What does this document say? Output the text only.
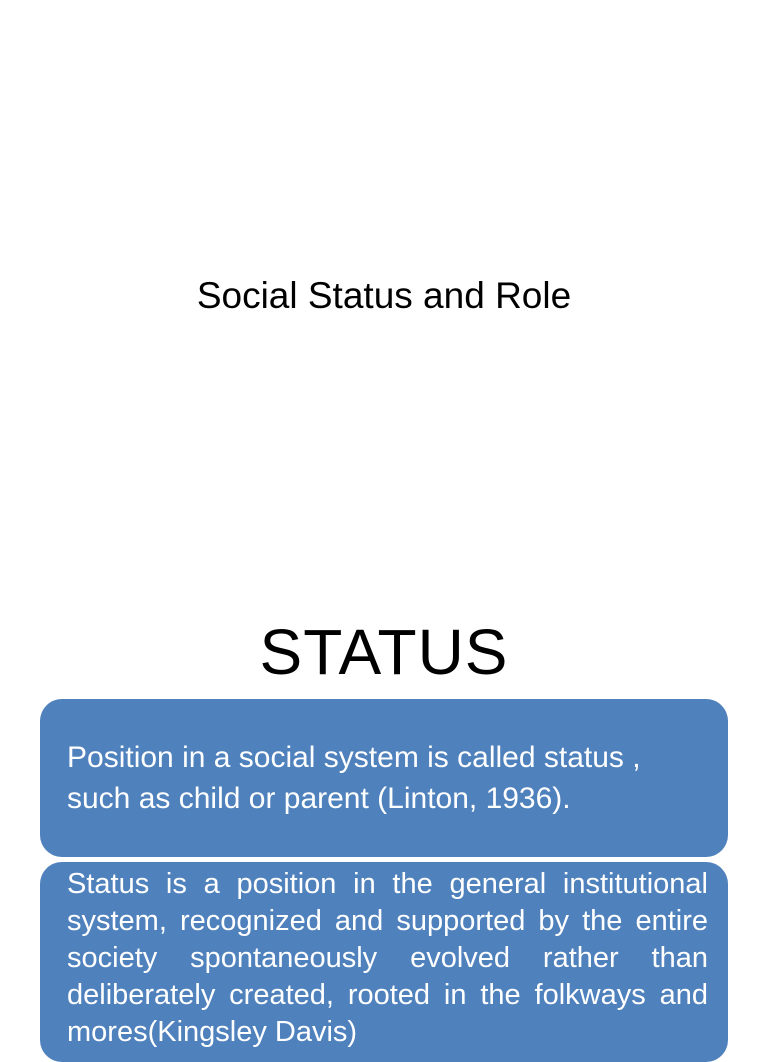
Social Status and Role
STATUS

Position in a social system is called status , such as child or parent (Linton, 1936).

Status is a position in the general institutional system, recognized and supported by the entire society spontaneously evolved rather than deliberately created, rooted in the folkways and mores(Kingsley Davis)
